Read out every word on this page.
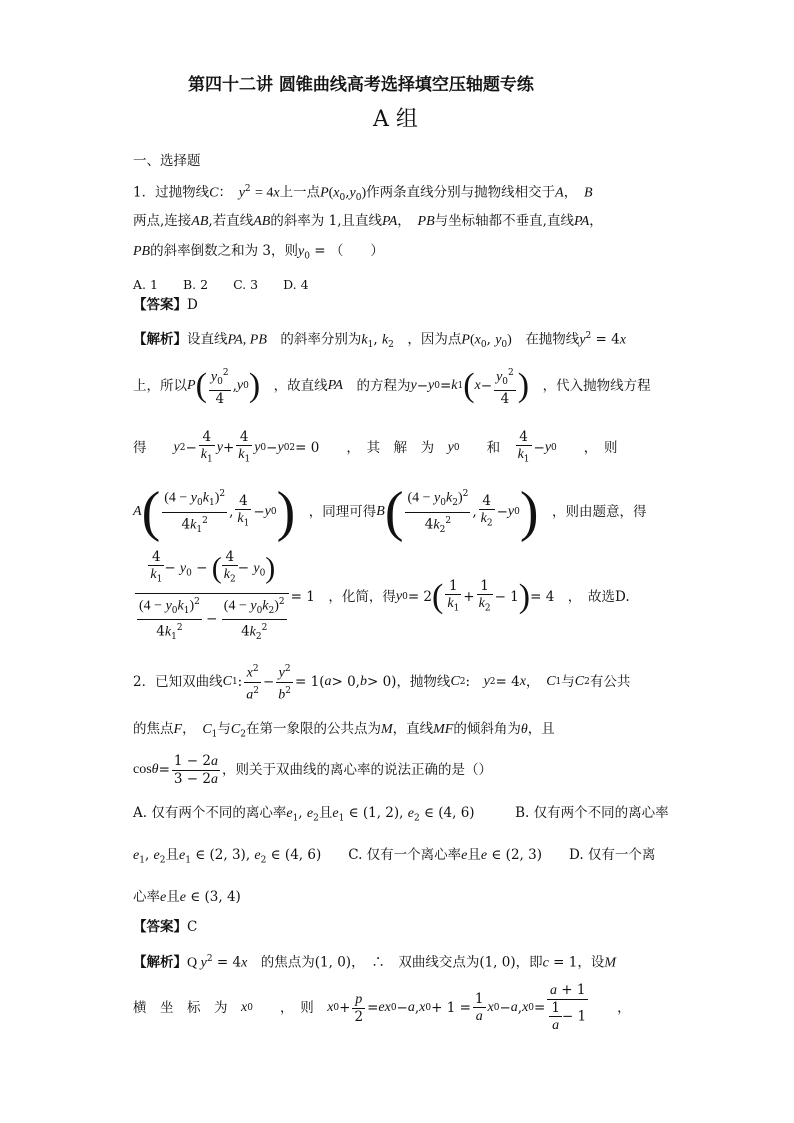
第四十二讲 圆锥曲线高考选择填空压轴题专练
A 组
一、选择题
1．过抛物线C：　$y^2 = 4x$上一点$P(x_0,y_0)$作两条直线分别与抛物线相交于A，　B
两点,连接AB,若直线AB的斜率为 1,且直线PA，　PB与坐标轴都不垂直,直线PA，
PB的斜率倒数之和为 3，则$y_0$ = （　　）
A. 1　　 B. 2　　 C. 3　　 D. 4
【答案】D
【解析】设直线PA, PB　 的斜率分别为$k_1$, $k_2$　 ，因为点$P(x_0$, $y_0$)　 在抛物线$y^2 = 4x$
上，所以 P ( $\frac{y_0^2}{4}$ , y 0 )
　 ，故直线 PA
　 的方程为 y − y 0 = k 1 ( $x - \frac{y_0^2}{4}$ )
　 ，代入抛物线方程
得
　　 y $2 - \frac{4}{k_1}$ $y + \frac{4}{k_1}$ y 0 − y 0 2 = 0　　 ，　其　解　为
　 y 0
　　 和
　 $\frac{4}{k_1} - y$ 0
　　 ，　则
A ( $\frac{(4 - y_0k_1)^2}{4k_1^2}$ , $\frac{4}{k_1} - y$ 0 )
　 ，同理可得 B ( $\frac{(4 - y_0k_2)^2}{4k_2^2}$ , $\frac{4}{k_2} - y$ 0 )
　 ，则由题意，得
$\frac{\frac{4}{k_1} - y_0 - ( \frac{4}{k_2} - y_0)}{\frac{(4 - y_0k_1)^2}{4k_1^2} - \frac{(4 - y_0k_2)^2}{4k_2^2}} = 1$　 ，化简，得 y 0 = 2 ( $\frac{1}{k_1} + \frac{1}{k_2} - 1$ ) = 4　 ，　故选D.
2． 已知双曲线 C 1 : $\frac{x^2}{a^2} - \frac{y^2}{b^2} = 1$( a > 0, b > 0) ，抛物线 C 2 :　 y 2 = 4 x ，　 C 1 与 C 2 有公共
的焦点F，　 $C_1$与$C_2$在第一象限的公共点为M，直线MF的倾斜角为θ，且
$\cos \theta = \frac{1 - 2a}{3 - 2a}$ ，则关于双曲线的离心率的说法正确的是（）
A. 仅有两个不同的离心率$e_1$, $e_2$且$e_1$ ∈ (1, 2), $e_2$ ∈ (4, 6)　　　	B. 仅有两个不同的离心率
$e_1$, $e_2$且$e_1$ ∈ (2, 3), $e_2$ ∈ (4, 6)　　C. 仅有一个离心率e且e ∈ (2, 3)　　 D. 仅有一个离
心率e且e ∈ (3, 4)
【答案】C
【解析】Q $y^2 = 4x$　 的焦点为(1, 0)，　∴　双曲线交点为(1, 0)，即c = 1，设M
横　坐　标　为
　 x 0
　　 ，　则
　 x $0 + \frac{p}{2} = e$ x 0 − a , x $0 + 1 = \frac{1}{a}$ x 0 − a , x $0 = \frac{a + 1}{\frac{1}{a} - 1}$ 　　，
